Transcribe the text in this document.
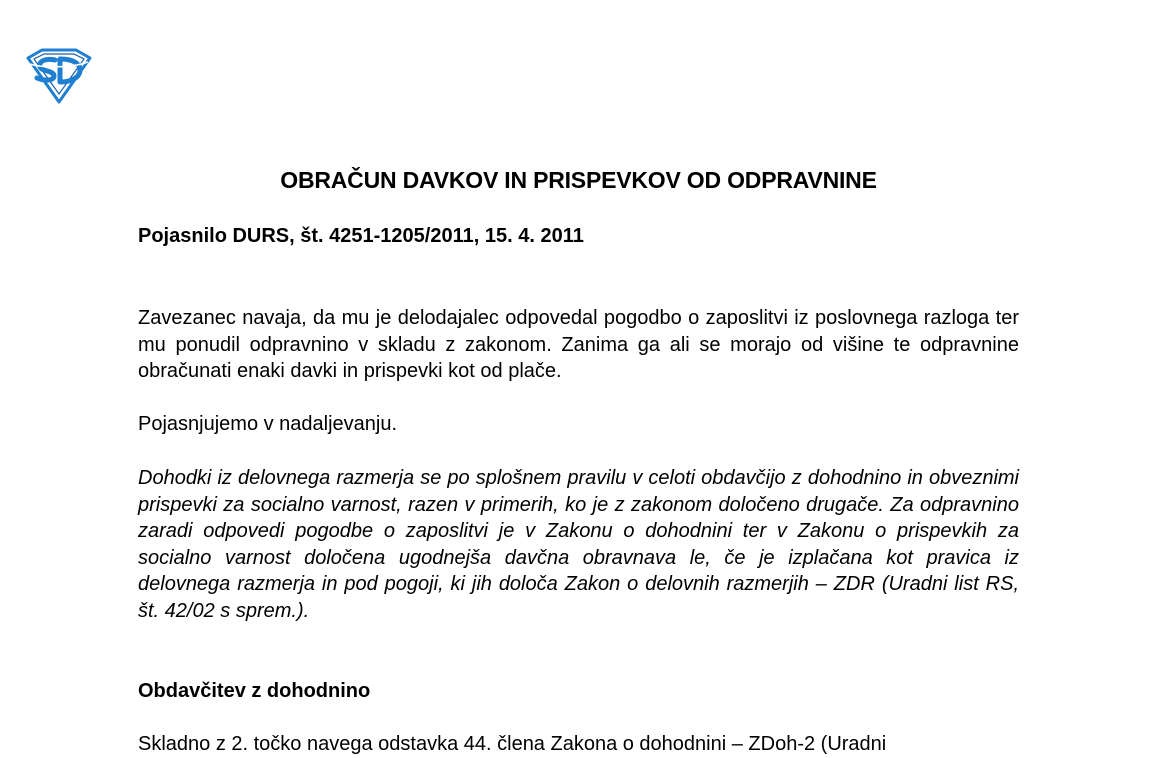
OBRAČUN DAVKOV IN PRISPEVKOV OD ODPRAVNINE
Pojasnilo DURS, št. 4251-1205/2011, 15. 4. 2011
Zavezanec navaja, da mu je delodajalec odpovedal pogodbo o zaposlitvi iz poslovnega razloga ter mu ponudil odpravnino v skladu z zakonom. Zanima ga ali se morajo od višine te odpravnine obračunati enaki davki in prispevki kot od plače.
Pojasnjujemo v nadaljevanju.
Dohodki iz delovnega razmerja se po splošnem pravilu v celoti obdavčijo z dohodnino in obveznimi prispevki za socialno varnost, razen v primerih, ko je z zakonom določeno drugače. Za odpravnino zaradi odpovedi pogodbe o zaposlitvi je v Zakonu o dohodnini ter v Zakonu o prispevkih za socialno varnost določena ugodnejša davčna obravnava le, če je izplačana kot pravica iz delovnega razmerja in pod pogoji, ki jih določa Zakon o delovnih razmerjih – ZDR (Uradni list RS, št. 42/02 s sprem.).
Obdavčitev z dohodnino
Skladno z 2. točko navega odstavka 44. člena Zakona o dohodnini – ZDoh-2 (Uradni
